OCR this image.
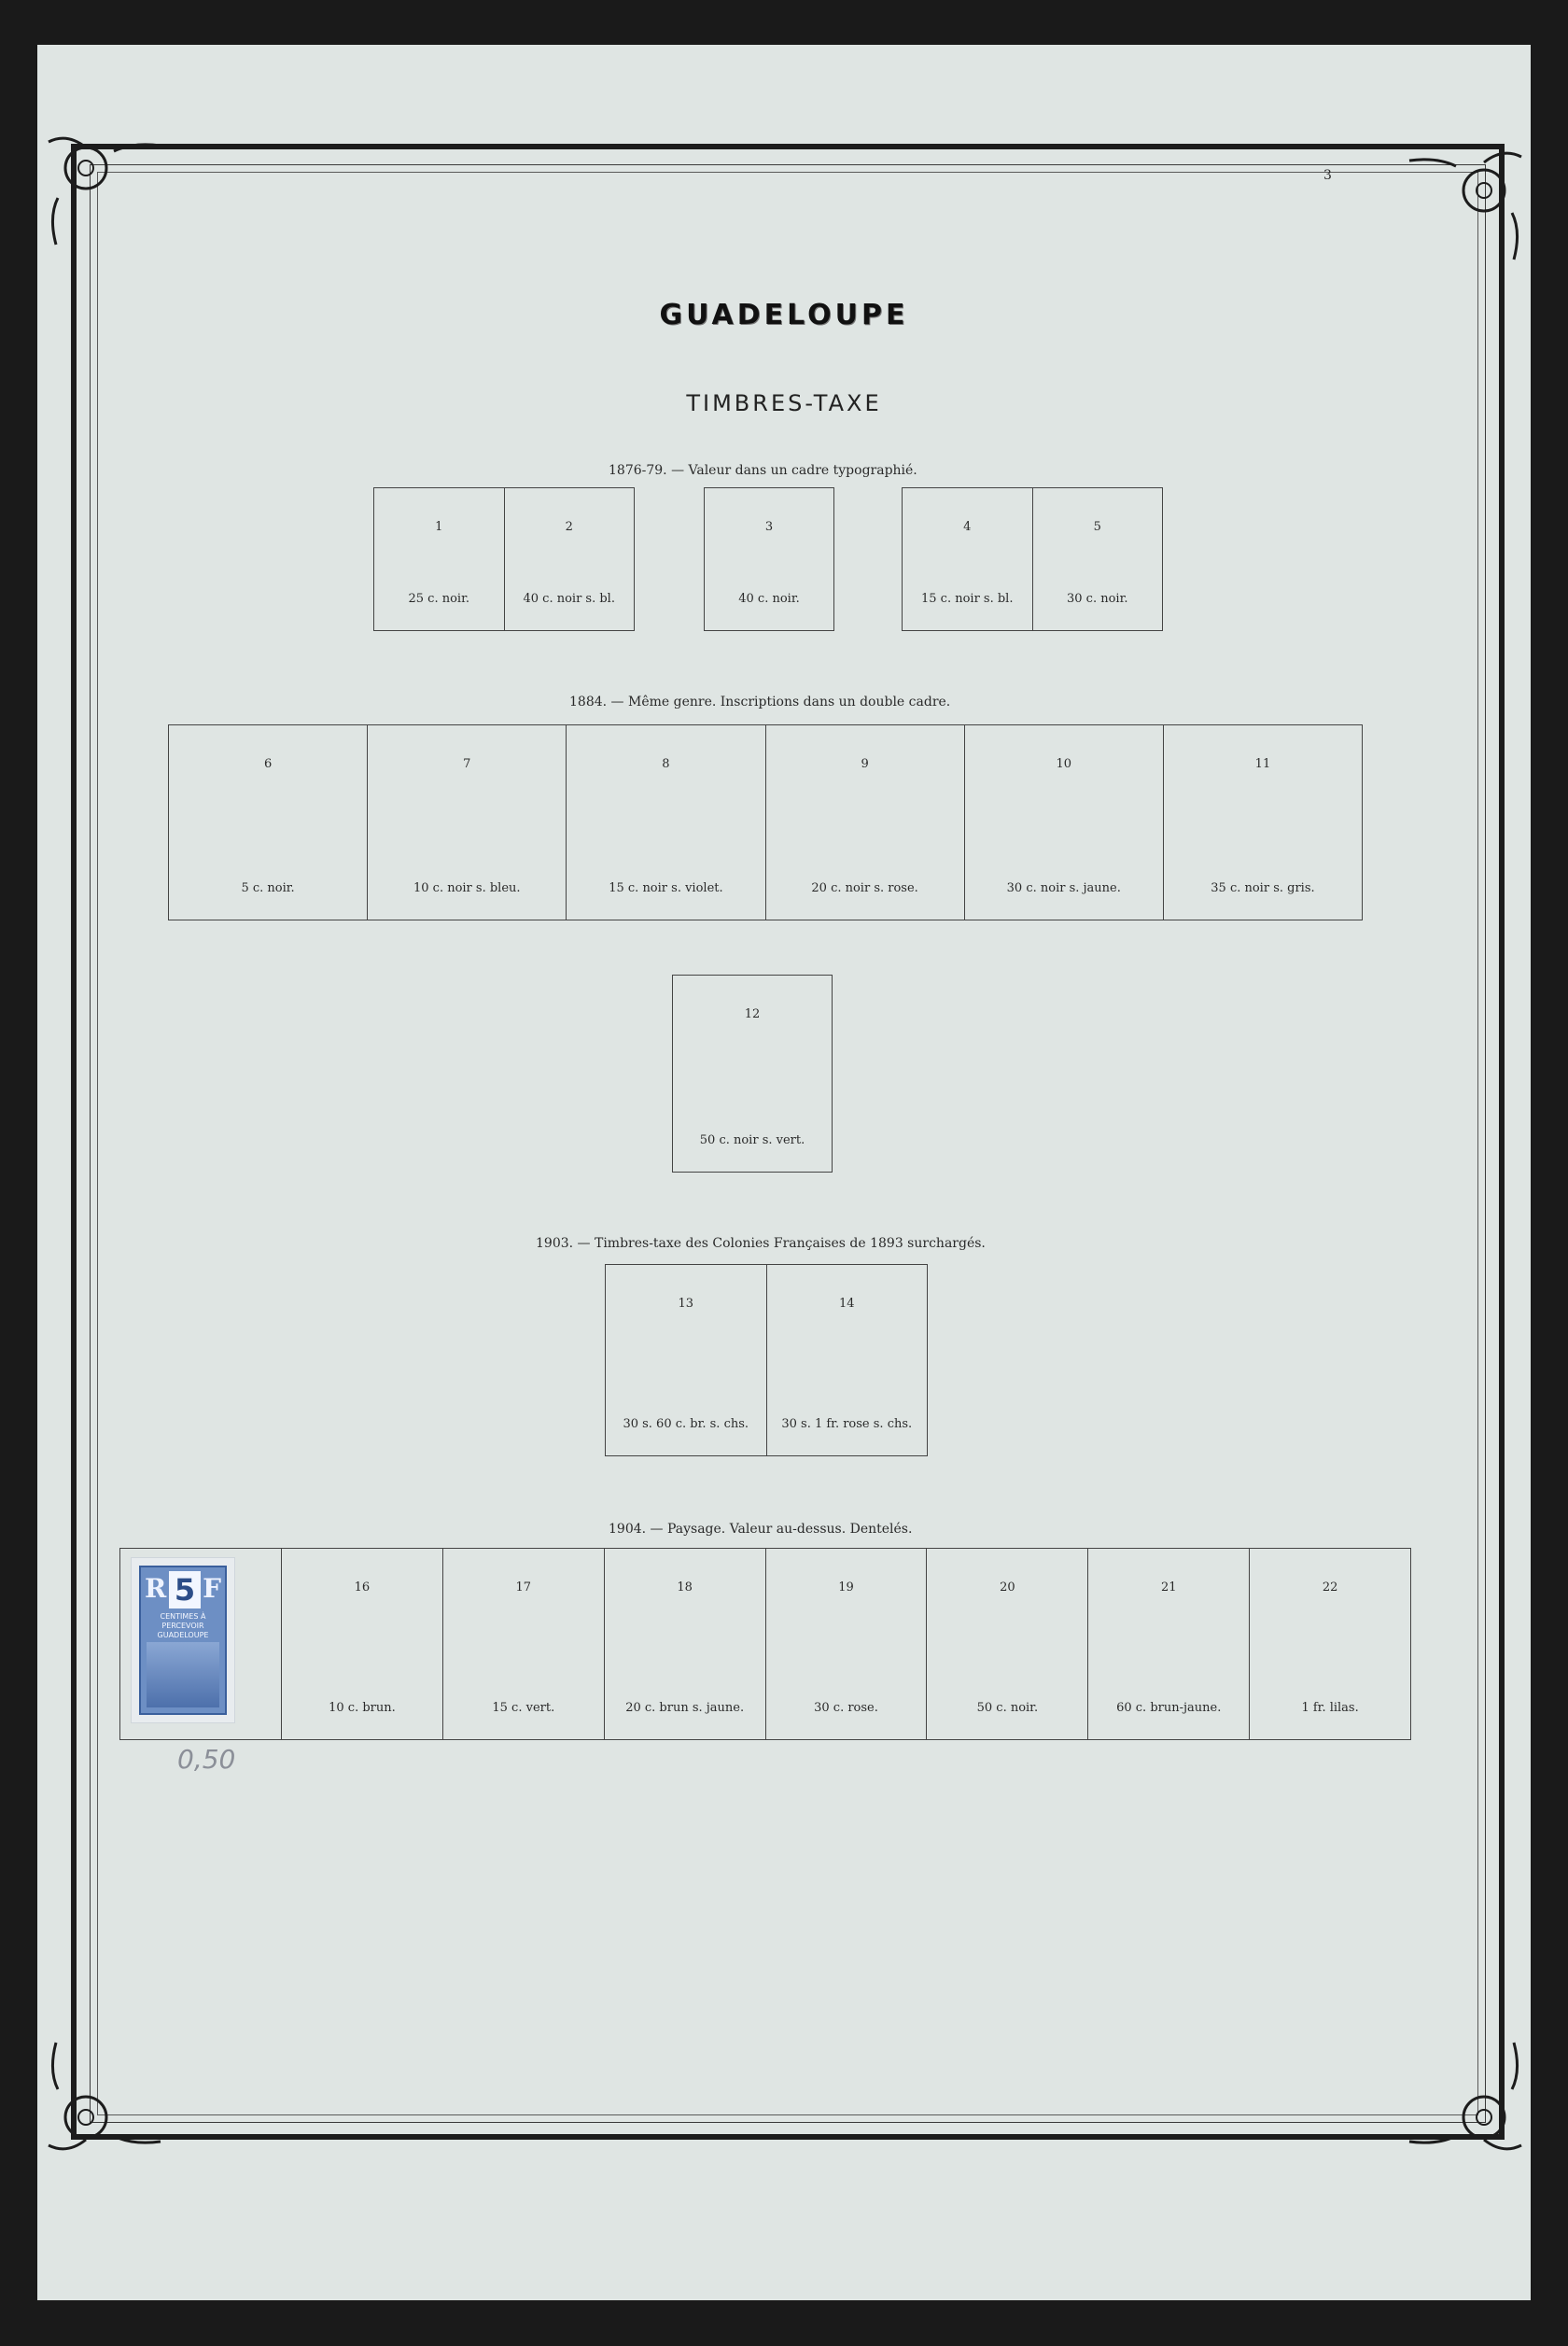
3
GUADELOUPE
TIMBRES-TAXE
1876-79. — Valeur dans un cadre typographié.
1
25 c. noir.
2
40 c. noir s. bl.
3
40 c. noir.
4
15 c. noir s. bl.
5
30 c. noir.
1884. — Même genre. Inscriptions dans un double cadre.
6
5 c. noir.
7
10 c. noir s. bleu.
8
15 c. noir s. violet.
9
20 c. noir s. rose.
10
30 c. noir s. jaune.
11
35 c. noir s. gris.
12
50 c. noir s. vert.
1903. — Timbres-taxe des Colonies Françaises de 1893 surchargés.
13
30 s. 60 c. br. s. chs.
14
30 s. 1 fr. rose s. chs.
1904. — Paysage. Valeur au-dessus. Dentelés.
R 5 F
CENTIMES À PERCEVOIR GUADELOUPE
16
10 c. brun.
17
15 c. vert.
18
20 c. brun s. jaune.
19
30 c. rose.
20
50 c. noir.
21
60 c. brun-jaune.
22
1 fr. lilas.
0,50
